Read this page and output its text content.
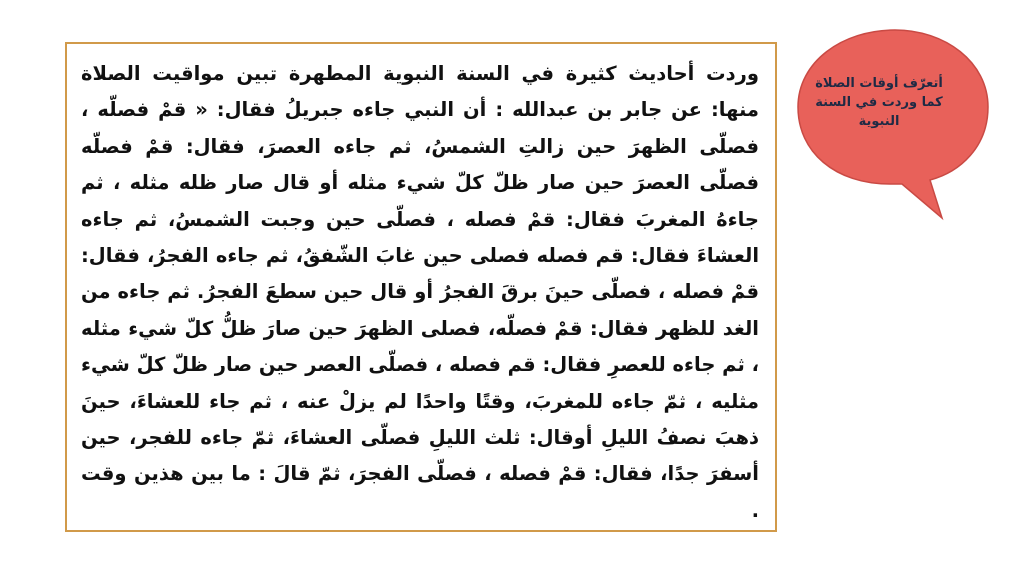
وردت أحاديث كثيرة في السنة النبوية المطهرة تبين مواقيت الصلاة منها: عن جابر بن عبدالله : أن النبي جاءه جبريلُ فقال: « قمْ فصلّه ، فصلّى الظهرَ حين زالتِ الشمسُ، ثم جاءه العصرَ، فقال: قمْ فصلّه فصلّى العصرَ حين صار ظلّ كلّ شيء مثله أو قال صار ظله مثله ، ثم جاءهُ المغربَ فقال: قمْ فصله ، فصلّى حين وجبت الشمسُ، ثم جاءه العشاءَ فقال: قم فصله فصلى حين غابَ الشّفقُ، ثم جاءه الفجرُ، فقال: قمْ فصله ، فصلّى حينَ برقَ الفجرُ أو قال حين سطعَ الفجرُ. ثم جاءه من الغد للظهر فقال: قمْ فصلّه، فصلى الظهرَ حين صارَ ظلُّ كلّ شيء مثله ، ثم جاءه للعصرِ فقال: قم فصله ، فصلّى العصر حين صار ظلّ كلّ شيء مثليه ، ثمّ جاءه للمغربَ، وقتًا واحدًا لم يزلْ عنه ، ثم جاء للعشاءَ، حينَ ذهبَ نصفُ الليلِ أوقال: ثلث الليلِ فصلّى العشاءَ، ثمّ جاءه للفجر، حين أسفرَ جدًا، فقال: قمْ فصله ، فصلّى الفجرَ، ثمّ قالَ : ما بين هذين وقت .

أتعرّف أوقات الصلاة كما وردت في السنة النبوية
